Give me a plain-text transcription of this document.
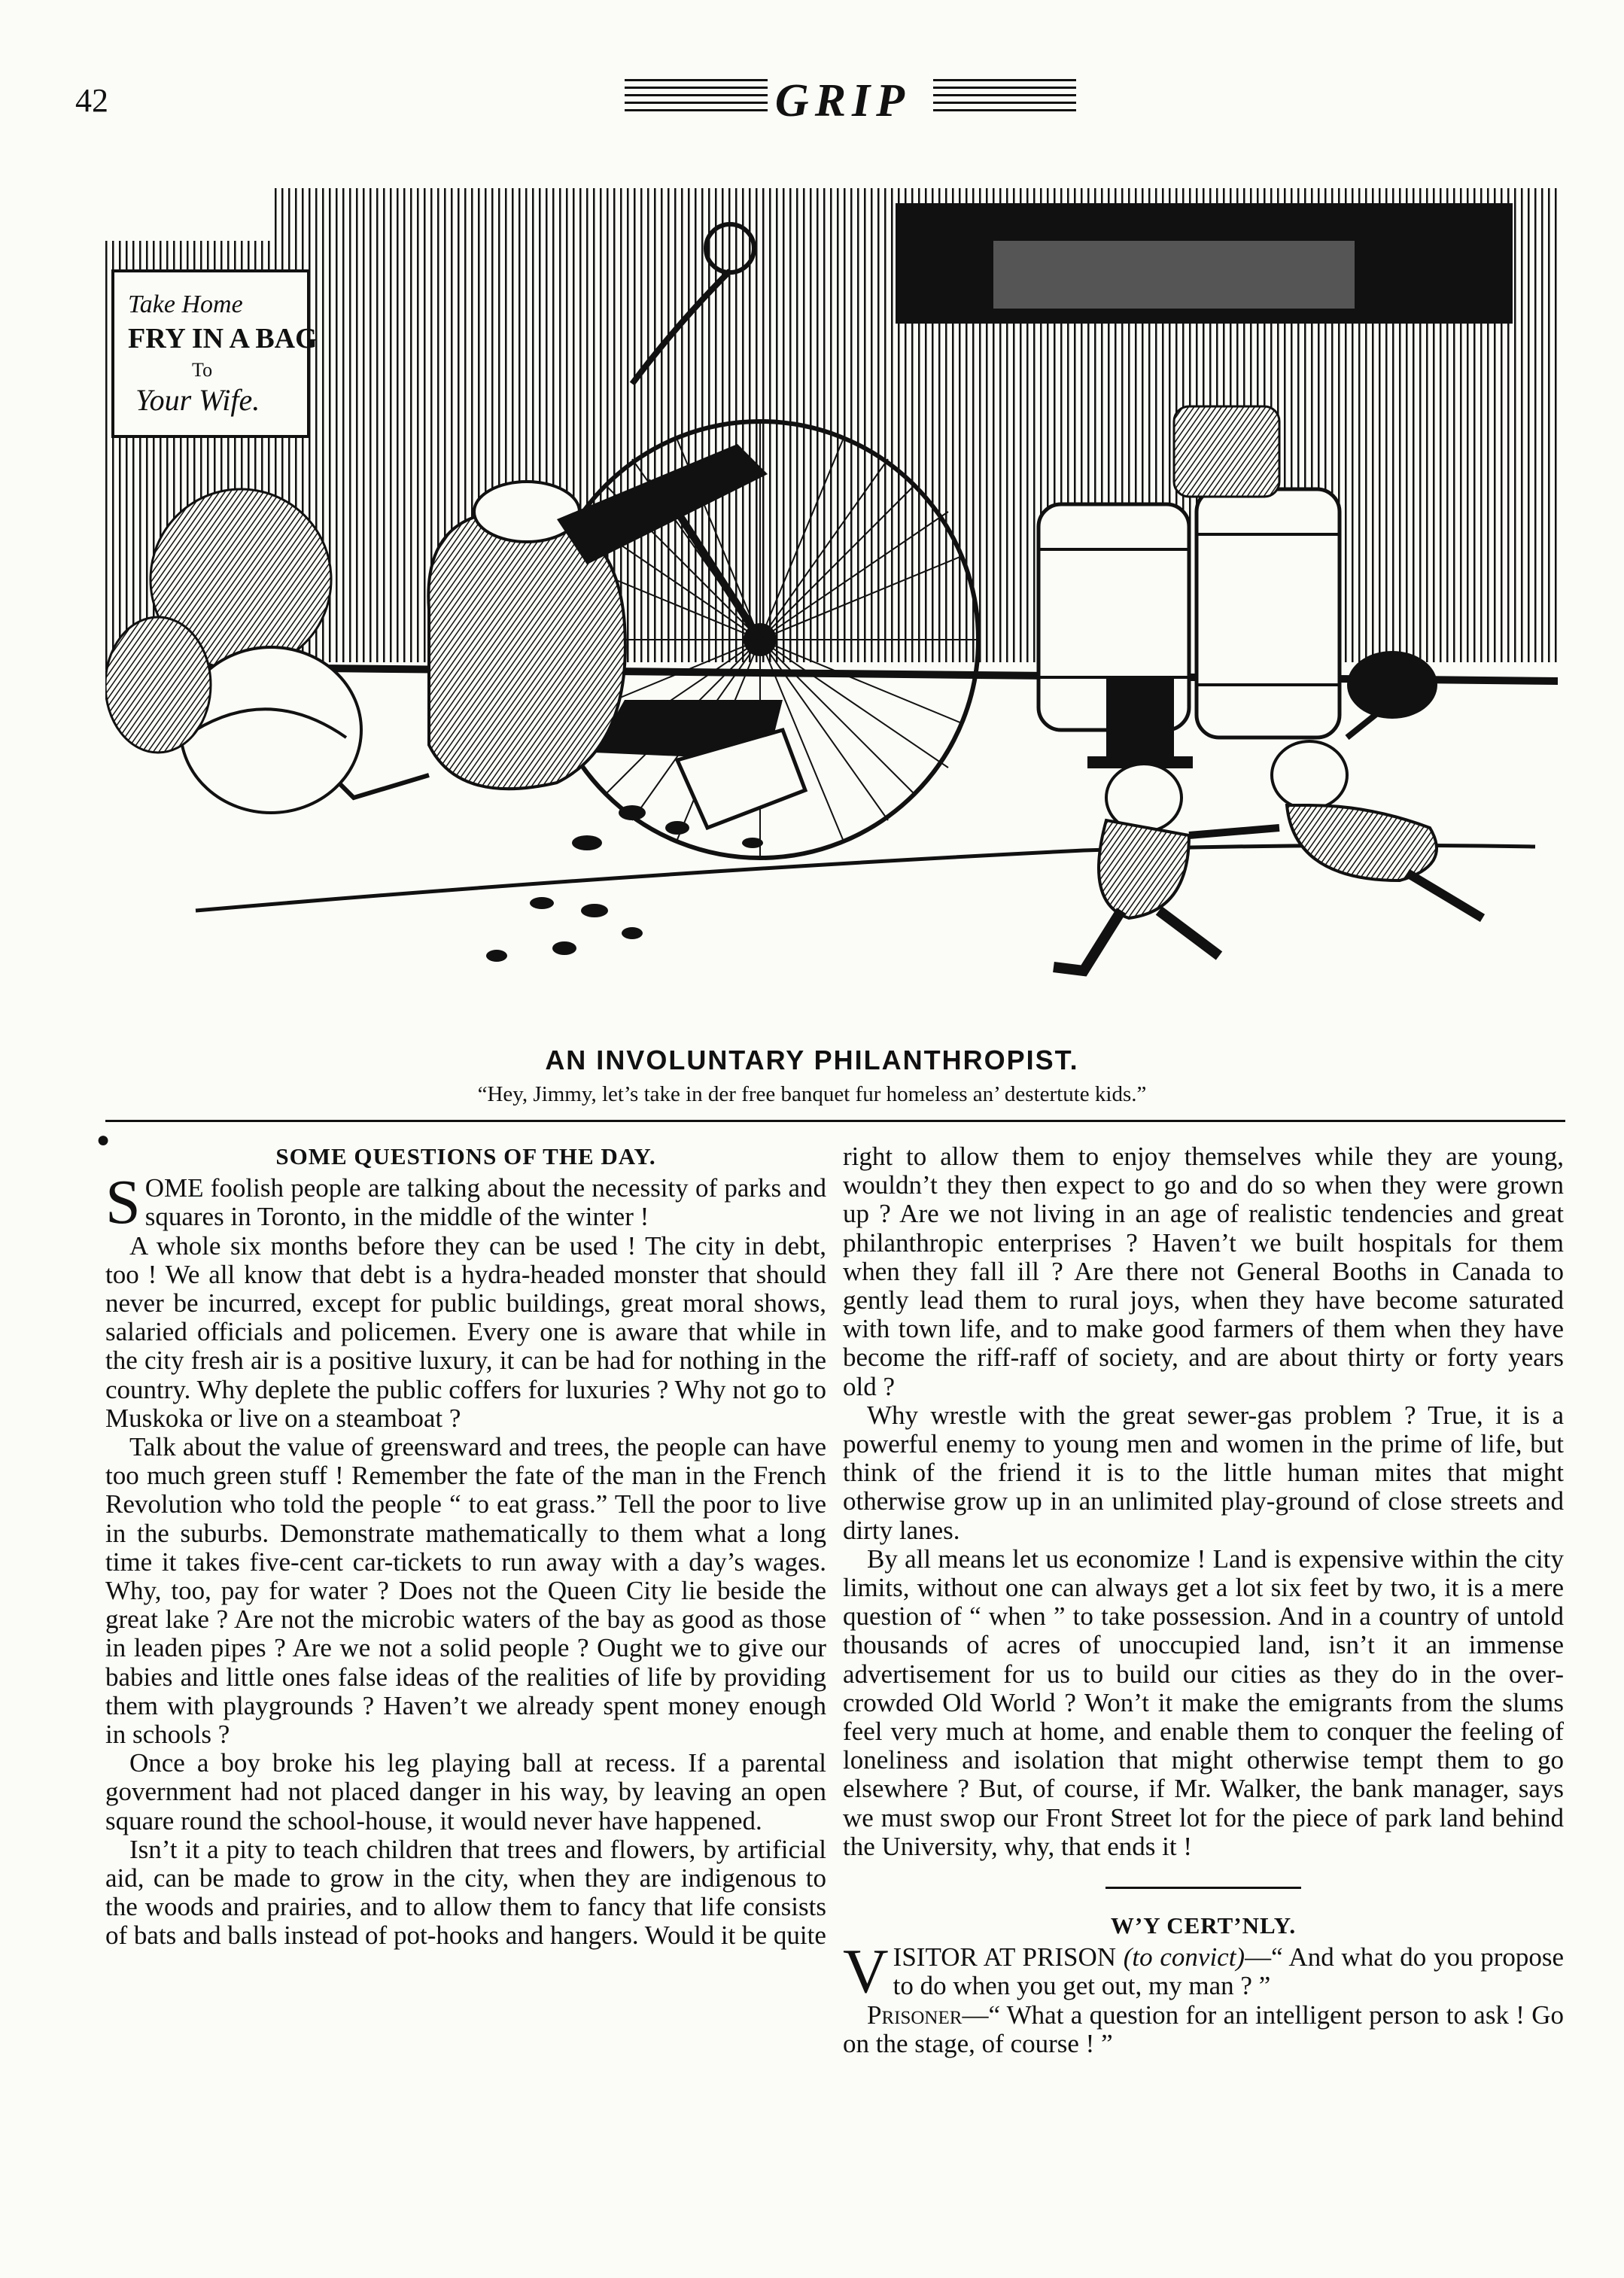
42	GRIP
Take Home
FRY IN A BAG
To
Your Wife.
AN INVOLUNTARY PHILANTHROPIST.
“Hey, Jimmy, let’s take in der free banquet fur homeless an’ destertute kids.”
●
SOME QUESTIONS OF THE DAY.

SOME foolish people are talking about the necessity of parks and squares in Toronto, in the middle of the winter !

A whole six months before they can be used ! The city in debt, too ! We all know that debt is a hydra-headed monster that should never be incurred, except for public buildings, great moral shows, salaried officials and policemen. Every one is aware that while in the city fresh air is a positive luxury, it can be had for nothing in the country. Why deplete the public coffers for luxuries ? Why not go to Muskoka or live on a steamboat ?

Talk about the value of greensward and trees, the people can have too much green stuff ! Remember the fate of the man in the French Revolution who told the people “ to eat grass.” Tell the poor to live in the suburbs. Demonstrate mathematically to them what a long time it takes five-cent car-tickets to run away with a day’s wages. Why, too, pay for water ? Does not the Queen City lie beside the great lake ? Are not the microbic waters of the bay as good as those in leaden pipes ? Are we not a solid people ? Ought we to give our babies and little ones false ideas of the realities of life by providing them with playgrounds ? Haven’t we already spent money enough in schools ?

Once a boy broke his leg playing ball at recess. If a parental government had not placed danger in his way, by leaving an open square round the school-house, it would never have happened.

Isn’t it a pity to teach children that trees and flowers, by artificial aid, can be made to grow in the city, when they are indigenous to the woods and prairies, and to allow them to fancy that life consists of bats and balls instead of pot-hooks and hangers. Would it be quite

right to allow them to enjoy themselves while they are young, wouldn’t they then expect to go and do so when they were grown up ? Are we not living in an age of realistic tendencies and great philanthropic enterprises ? Haven’t we built hospitals for them when they fall ill ? Are there not General Booths in Canada to gently lead them to rural joys, when they have become saturated with town life, and to make good farmers of them when they have become the riff-raff of society, and are about thirty or forty years old ?

Why wrestle with the great sewer-gas problem ? True, it is a powerful enemy to young men and women in the prime of life, but think of the friend it is to the little human mites that might otherwise grow up in an unlimited play-ground of close streets and dirty lanes.

By all means let us economize ! Land is expensive within the city limits, without one can always get a lot six feet by two, it is a mere question of “ when ” to take possession. And in a country of untold thousands of acres of unoccupied land, isn’t it an immense advertisement for us to build our cities as they do in the over-crowded Old World ? Won’t it make the emigrants from the slums feel very much at home, and enable them to conquer the feeling of loneliness and isolation that might otherwise tempt them to go elsewhere ? But, of course, if Mr. Walker, the bank manager, says we must swop our Front Street lot for the piece of park land behind the University, why, that ends it !

W’Y CERT’NLY.

VISITOR AT PRISON (to convict)—“ And what do you propose to do when you get out, my man ? ”

Prisoner—“ What a question for an intelligent person to ask ! Go on the stage, of course ! ”
